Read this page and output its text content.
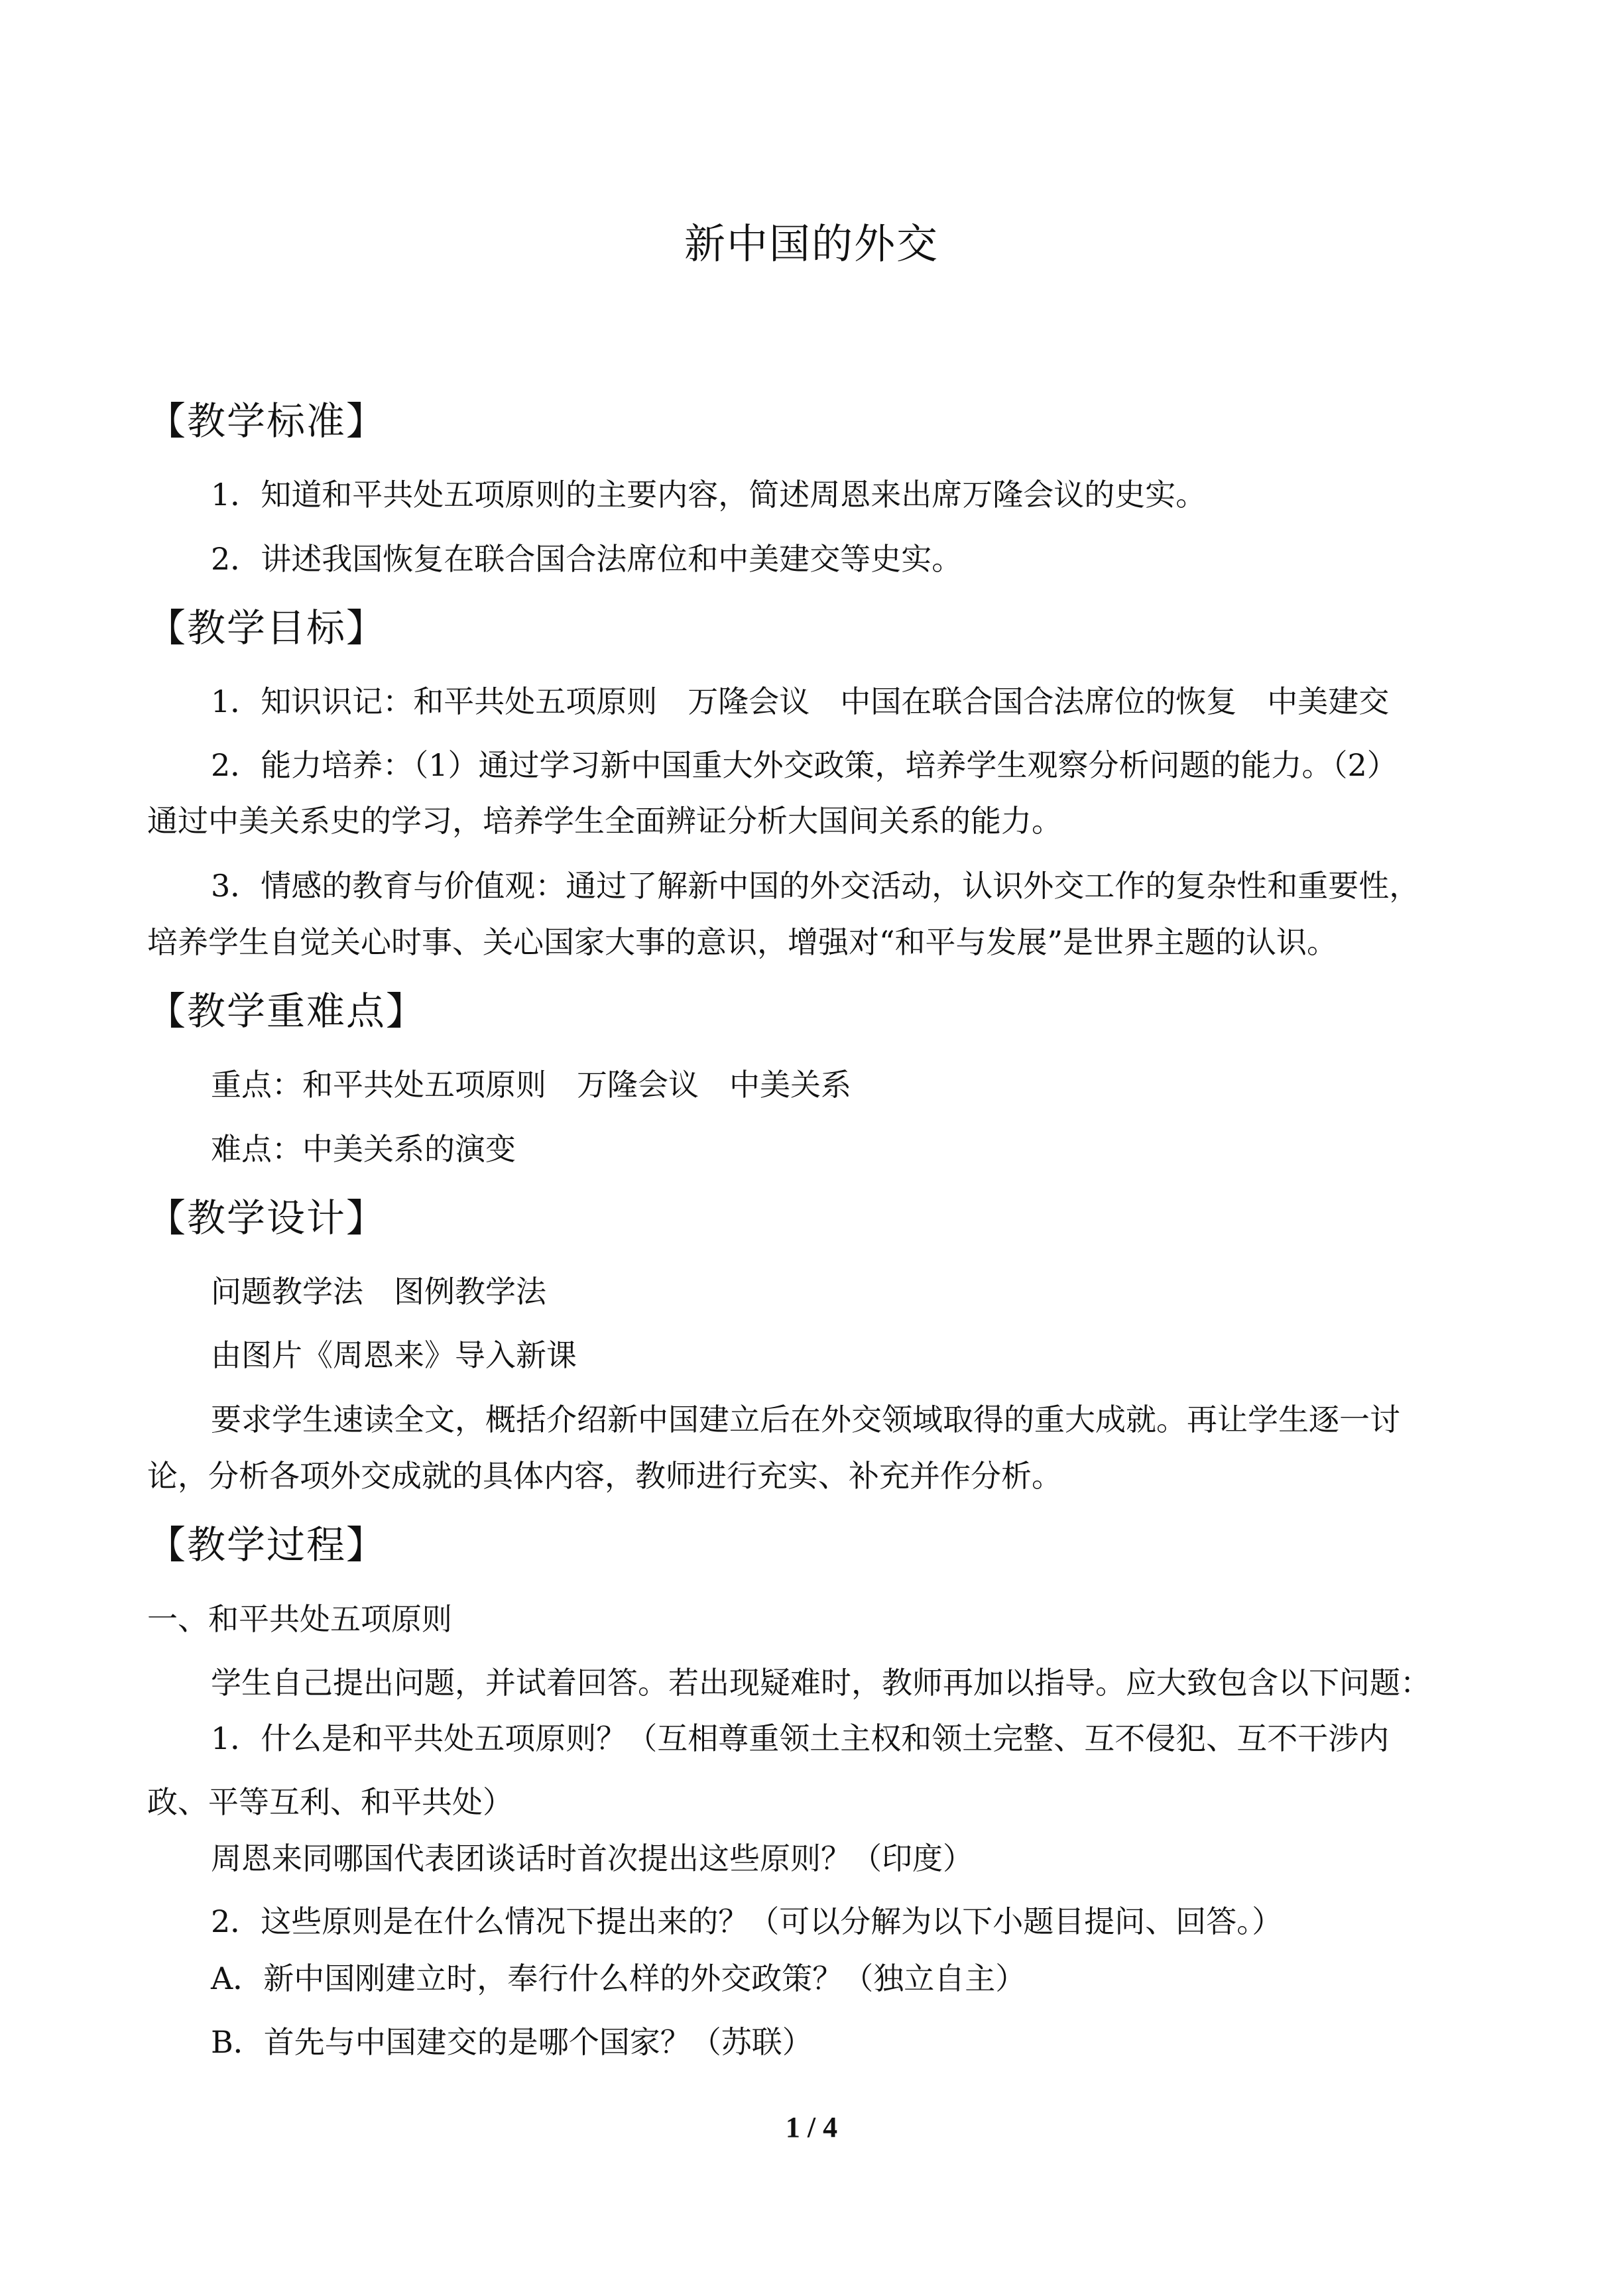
新中国的外交
【教学标准】

1．知道和平共处五项原则的主要内容，简述周恩来出席万隆会议的史实。

2．讲述我国恢复在联合国合法席位和中美建交等史实。

【教学目标】

1．知识识记：和平共处五项原则　万隆会议　中国在联合国合法席位的恢复　中美建交

2．能力培养：（1）通过学习新中国重大外交政策，培养学生观察分析问题的能力。（2）

通过中美关系史的学习，培养学生全面辨证分析大国间关系的能力。

3．情感的教育与价值观：通过了解新中国的外交活动，认识外交工作的复杂性和重要性，

培养学生自觉关心时事、关心国家大事的意识，增强对“和平与发展”是世界主题的认识。

【教学重难点】

重点：和平共处五项原则　万隆会议　中美关系

难点：中美关系的演变

【教学设计】

问题教学法　图例教学法

由图片《周恩来》导入新课

要求学生速读全文，概括介绍新中国建立后在外交领域取得的重大成就。再让学生逐一讨

论，分析各项外交成就的具体内容，教师进行充实、补充并作分析。

【教学过程】

一、和平共处五项原则

学生自己提出问题，并试着回答。若出现疑难时，教师再加以指导。应大致包含以下问题：

1．什么是和平共处五项原则？（互相尊重领土主权和领土完整、互不侵犯、互不干涉内

政、平等互利、和平共处）

周恩来同哪国代表团谈话时首次提出这些原则？（印度）

2．这些原则是在什么情况下提出来的？（可以分解为以下小题目提问、回答。）

A．新中国刚建立时，奉行什么样的外交政策？（独立自主）

B．首先与中国建交的是哪个国家？（苏联）

1 / 4
